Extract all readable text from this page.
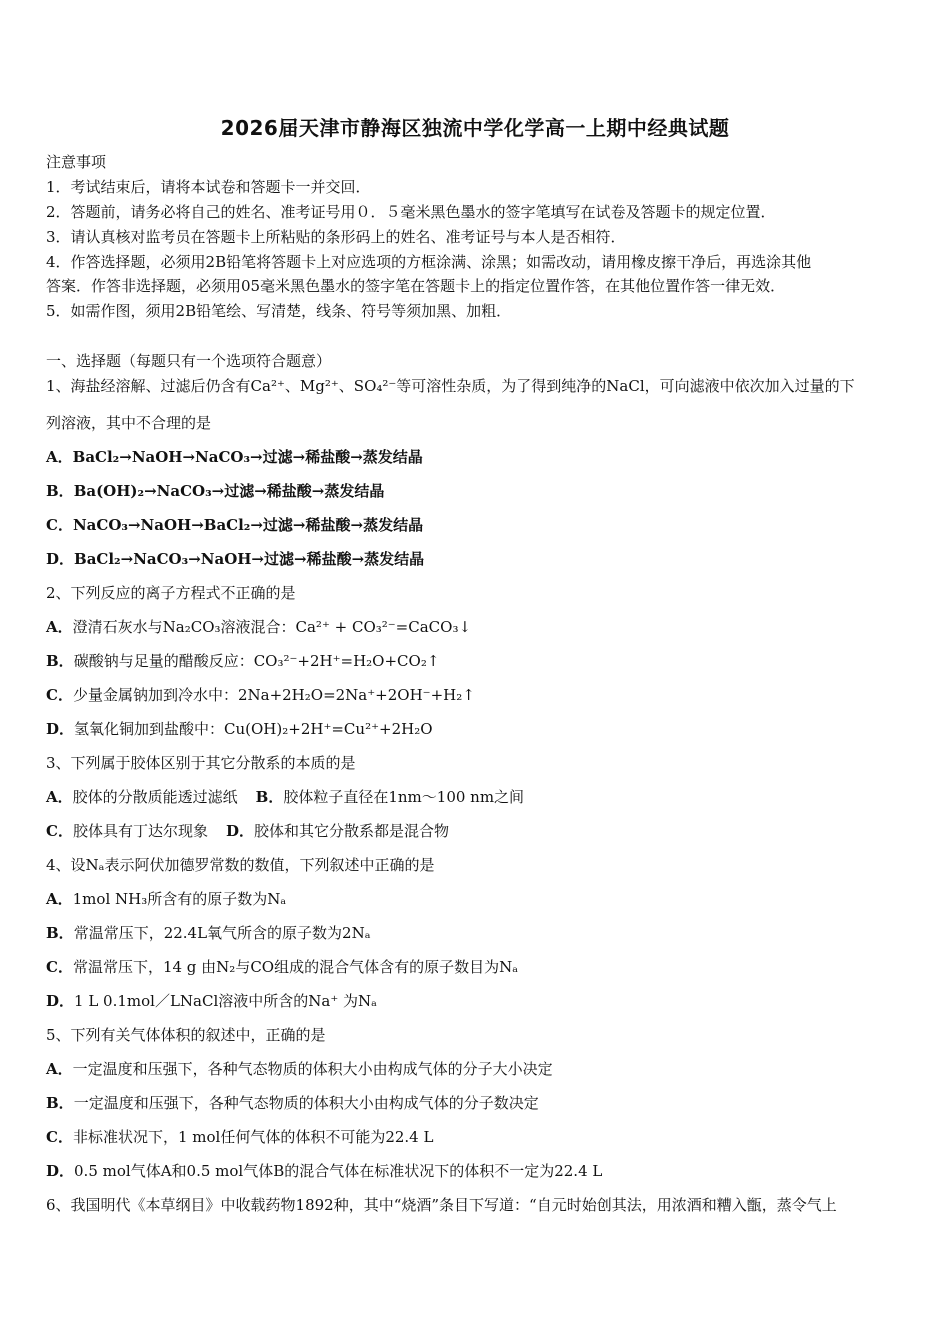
2026届天津市静海区独流中学化学高一上期中经典试题
注意事项
1．考试结束后，请将本试卷和答题卡一并交回．
2．答题前，请务必将自己的姓名、准考证号用０．５毫米黑色墨水的签字笔填写在试卷及答题卡的规定位置．
3．请认真核对监考员在答题卡上所粘贴的条形码上的姓名、准考证号与本人是否相符．
4．作答选择题，必须用2B铅笔将答题卡上对应选项的方框涂满、涂黑；如需改动，请用橡皮擦干净后，再选涂其他
答案．作答非选择题，必须用05毫米黑色墨水的签字笔在答题卡上的指定位置作答，在其他位置作答一律无效．
5．如需作图，须用2B铅笔绘、写清楚，线条、符号等须加黑、加粗．
一、选择题（每题只有一个选项符合题意）
1、海盐经溶解、过滤后仍含有Ca²⁺、Mg²⁺、SO₄²⁻等可溶性杂质，为了得到纯净的NaCl，可向滤液中依次加入过量的下
列溶液，其中不合理的是
A．BaCl₂→NaOH→NaCO₃→过滤→稀盐酸→蒸发结晶
B．Ba(OH)₂→NaCO₃→过滤→稀盐酸→蒸发结晶
C．NaCO₃→NaOH→BaCl₂→过滤→稀盐酸→蒸发结晶
D．BaCl₂→NaCO₃→NaOH→过滤→稀盐酸→蒸发结晶
2、下列反应的离子方程式不正确的是
A．澄清石灰水与Na₂CO₃溶液混合：Ca²⁺ + CO₃²⁻=CaCO₃↓
B．碳酸钠与足量的醋酸反应：CO₃²⁻+2H⁺=H₂O+CO₂↑
C．少量金属钠加到冷水中：2Na+2H₂O=2Na⁺+2OH⁻+H₂↑
D．氢氧化铜加到盐酸中：Cu(OH)₂+2H⁺=Cu²⁺+2H₂O
3、下列属于胶体区别于其它分散系的本质的是
A．胶体的分散质能透过滤纸 B．胶体粒子直径在1nm～100 nm之间
C．胶体具有丁达尔现象 D．胶体和其它分散系都是混合物
4、设Nₐ表示阿伏加德罗常数的数值，下列叙述中正确的是
A．1mol NH₃所含有的原子数为Nₐ
B．常温常压下，22.4L氧气所含的原子数为2Nₐ
C．常温常压下，14 g 由N₂与CO组成的混合气体含有的原子数目为Nₐ
D．1 L 0.1mol／LNaCl溶液中所含的Na⁺ 为Nₐ
5、下列有关气体体积的叙述中，正确的是
A．一定温度和压强下，各种气态物质的体积大小由构成气体的分子大小决定
B．一定温度和压强下，各种气态物质的体积大小由构成气体的分子数决定
C．非标准状况下，1 mol任何气体的体积不可能为22.4 L
D．0.5 mol气体A和0.5 mol气体B的混合气体在标准状况下的体积不一定为22.4 L
6、我国明代《本草纲目》中收载药物1892种，其中“烧酒”条目下写道：“自元时始创其法，用浓酒和糟入甑，蒸令气上
